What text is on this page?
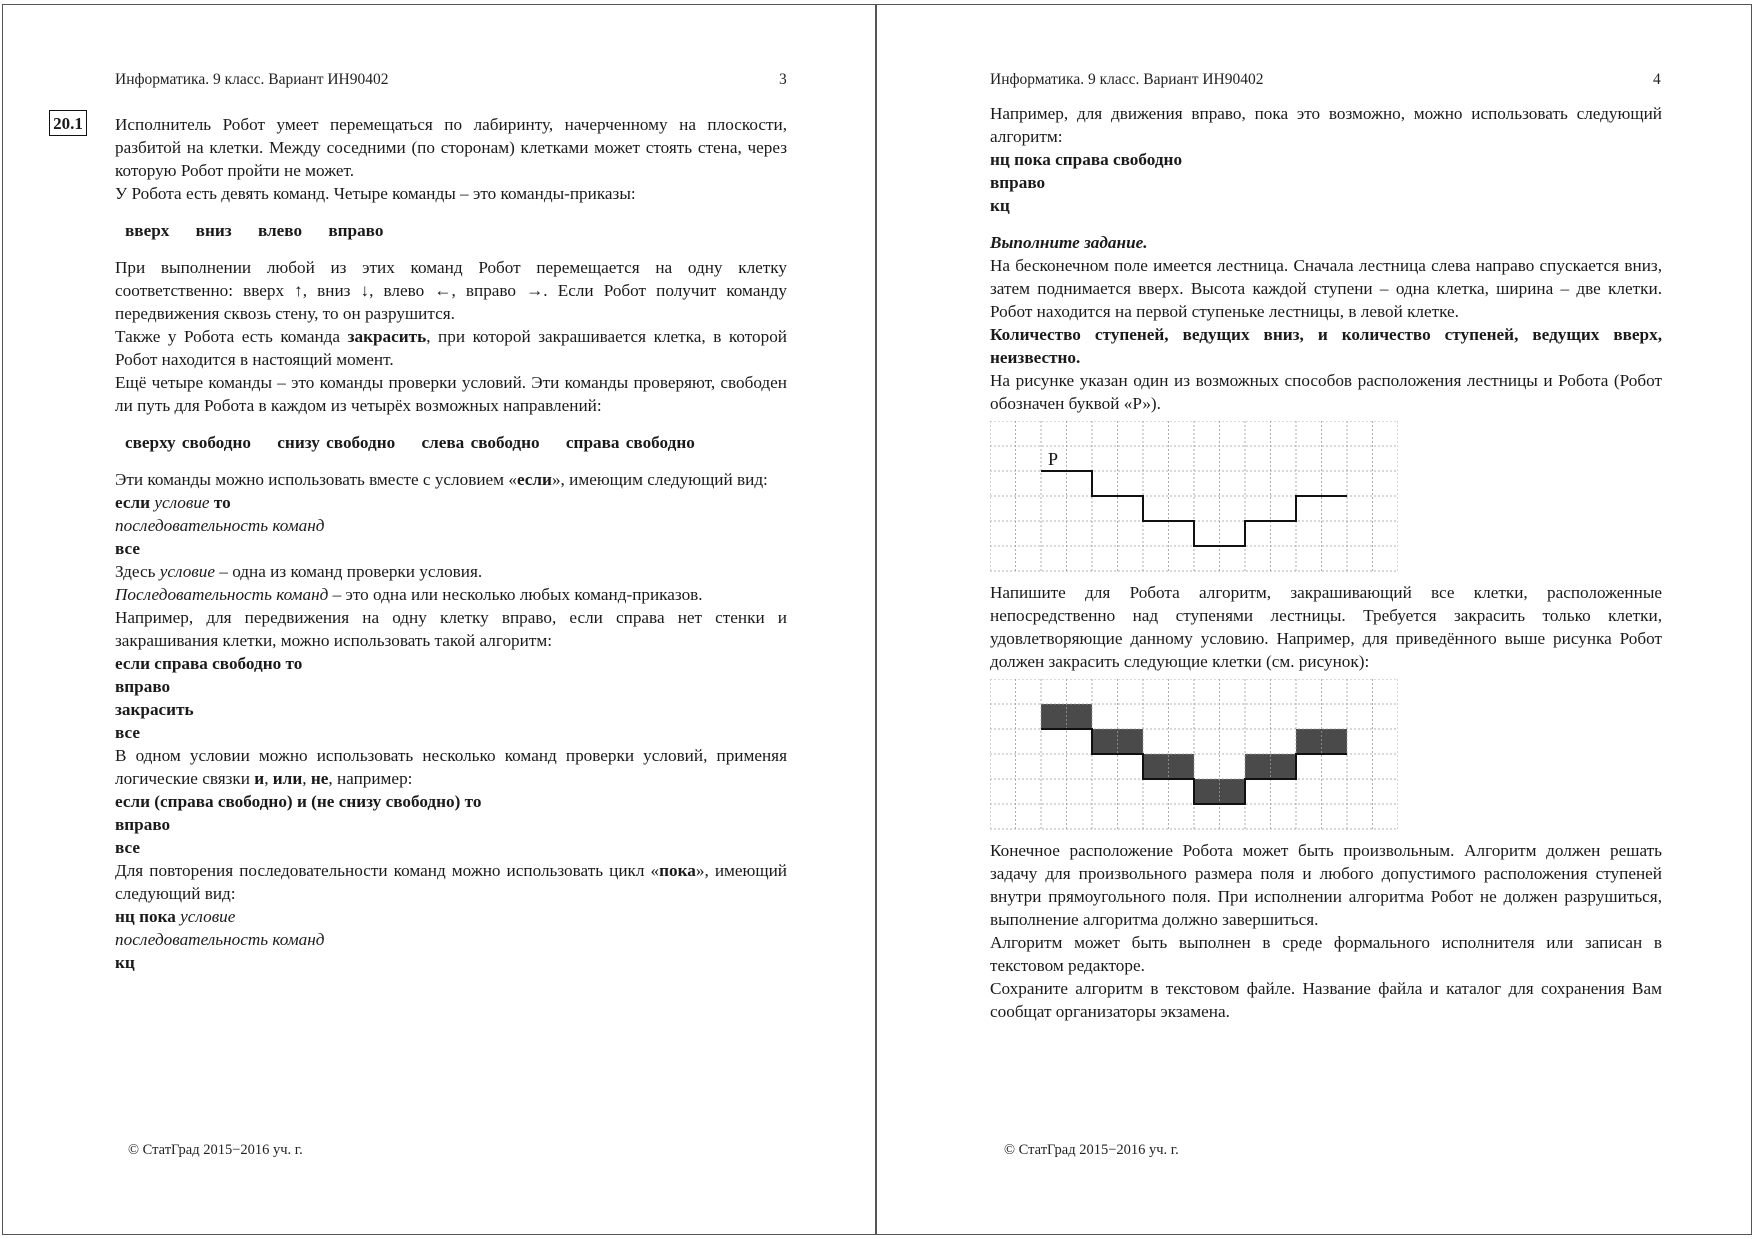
Информатика. 9 класс. Вариант ИН90402	3
20.1 Исполнитель Робот умеет перемещаться по лабиринту, начерченному на плоскости, разбитой на клетки. Между соседними (по сторонам) клетками может стоять стена, через которую Робот пройти не может.

У Робота есть девять команд. Четыре команды – это команды-приказы:

вверх вниз влево вправо

При выполнении любой из этих команд Робот перемещается на одну клетку соответственно: вверх ↑, вниз ↓, влево ←, вправо →. Если Робот получит команду передвижения сквозь стену, то он разрушится.

Также у Робота есть команда закрасить, при которой закрашивается клетка, в которой Робот находится в настоящий момент.

Ещё четыре команды – это команды проверки условий. Эти команды проверяют, свободен ли путь для Робота в каждом из четырёх возможных направлений:

сверху свободно снизу свободно слева свободно справа свободно

Эти команды можно использовать вместе с условием «если», имеющим следующий вид:

если условие то

последовательность команд

все

Здесь условие – одна из команд проверки условия.

Последовательность команд – это одна или несколько любых команд-приказов.

Например, для передвижения на одну клетку вправо, если справа нет стенки и закрашивания клетки, можно использовать такой алгоритм:

если справа свободно то

вправо

закрасить

все

В одном условии можно использовать несколько команд проверки условий, применяя логические связки и, или, не, например:

если (справа свободно) и (не снизу свободно) то

вправо

все

Для повторения последовательности команд можно использовать цикл «пока», имеющий следующий вид:

нц пока условие

последовательность команд

кц

© СтатГрад 2015−2016 уч. г.
Информатика. 9 класс. Вариант ИН90402	4

Например, для движения вправо, пока это возможно, можно использовать следующий алгоритм:

нц пока справа свободно

вправо

кц

Выполните задание.

На бесконечном поле имеется лестница. Сначала лестница слева направо спускается вниз, затем поднимается вверх. Высота каждой ступени – одна клетка, ширина – две клетки. Робот находится на первой ступеньке лестницы, в левой клетке.

Количество ступеней, ведущих вниз, и количество ступеней, ведущих вверх, неизвестно.

На рисунке указан один из возможных способов расположения лестницы и Робота (Робот обозначен буквой «Р»).

Р

Напишите для Робота алгоритм, закрашивающий все клетки, расположенные непосредственно над ступенями лестницы. Требуется закрасить только клетки, удовлетворяющие данному условию. Например, для приведённого выше рисунка Робот должен закрасить следующие клетки (см. рисунок):

Конечное расположение Робота может быть произвольным. Алгоритм должен решать задачу для произвольного размера поля и любого допустимого расположения ступеней внутри прямоугольного поля. При исполнении алгоритма Робот не должен разрушиться, выполнение алгоритма должно завершиться.

Алгоритм может быть выполнен в среде формального исполнителя или записан в текстовом редакторе.

Сохраните алгоритм в текстовом файле. Название файла и каталог для сохранения Вам сообщат организаторы экзамена.

© СтатГрад 2015−2016 уч. г.
